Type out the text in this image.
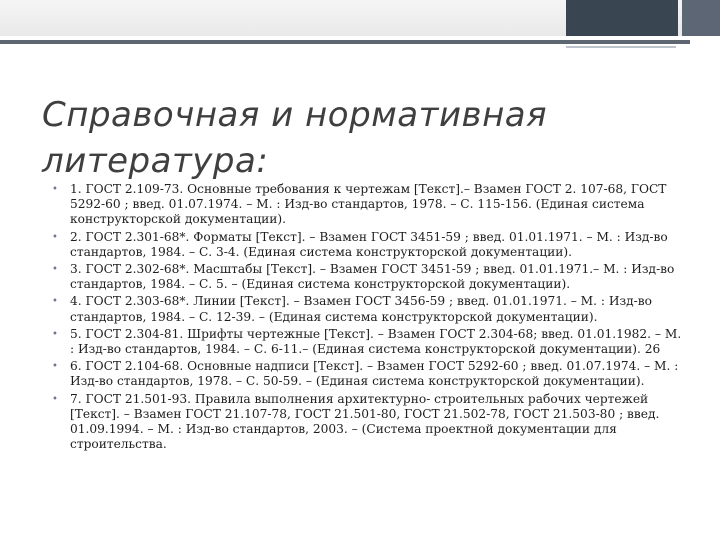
Справочная и нормативная литература:
• 1. ГОСТ 2.109-73. Основные требования к чертежам [Текст].– Взамен ГОСТ 2. 107-68, ГОСТ 5292-60 ; введ. 01.07.1974. – М. : Изд-во стандартов, 1978. – С. 115-156. (Единая система конструкторской документации).
• 2. ГОСТ 2.301-68*. Форматы [Текст]. – Взамен ГОСТ 3451-59 ; введ. 01.01.1971. – М. : Изд-во стандартов, 1984. – С. 3-4. (Единая система конструкторской документации).
• 3. ГОСТ 2.302-68*. Масштабы [Текст]. – Взамен ГОСТ 3451-59 ; введ. 01.01.1971.– М. : Изд-во стандартов, 1984. – С. 5. – (Единая система конструкторской документации).
• 4. ГОСТ 2.303-68*. Линии [Текст]. – Взамен ГОСТ 3456-59 ; введ. 01.01.1971. – М. : Изд-во стандартов, 1984. – С. 12-39. – (Единая система конструкторской документации).
• 5. ГОСТ 2.304-81. Шрифты чертежные [Текст]. – Взамен ГОСТ 2.304-68; введ. 01.01.1982. – М. : Изд-во стандартов, 1984. – С. 6-11.– (Единая система конструкторской документации). 26
• 6. ГОСТ 2.104-68. Основные надписи [Текст]. – Взамен ГОСТ 5292-60 ; введ. 01.07.1974. – М. : Изд-во стандартов, 1978. – С. 50-59. – (Единая система конструкторской документации).
• 7. ГОСТ 21.501-93. Правила выполнения архитектурно- строительных рабочих чертежей [Текст]. – Взамен ГОСТ 21.107-78, ГОСТ 21.501-80, ГОСТ 21.502-78, ГОСТ 21.503-80 ; введ. 01.09.1994. – М. : Изд-во стандартов, 2003. – (Система проектной документации для строительства.
